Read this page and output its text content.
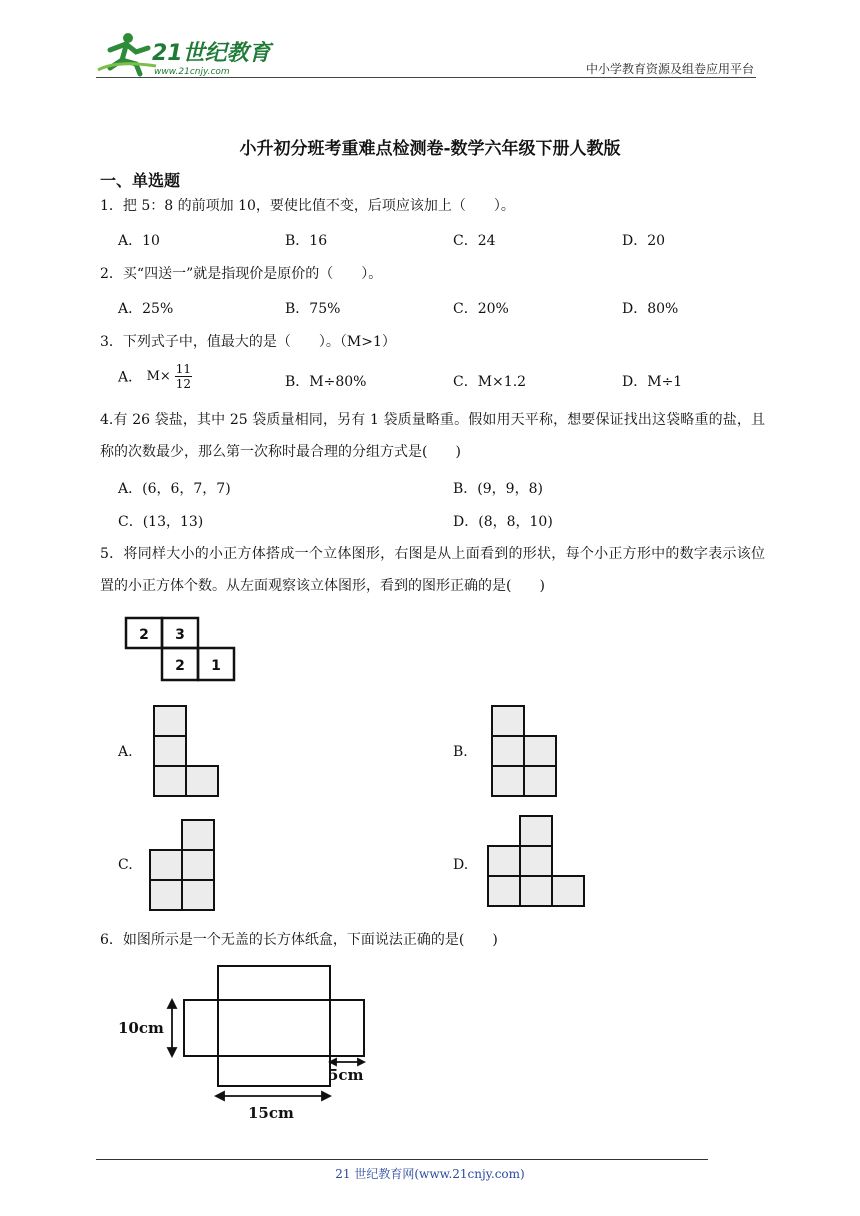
21世纪教育
www.21cnjy.com	中小学教育资源及组卷应用平台
小升初分班考重难点检测卷-数学六年级下册人教版
一、单选题
1．把 5：8 的前项加 10，要使比值不变，后项应该加上（　　）。
A．10	B．16	C．24	D．20
2．买“四送一”就是指现价是原价的（　　）。
A．25%	B．75%	C．20%	D．80%
3．下列式子中，值最大的是（　　）。（M>1）
A． $M\times \frac{11}{12}$	B．M÷80%	C．M×1.2	D．M÷1
4.有 26 袋盐，其中 25 袋质量相同，另有 1 袋质量略重。假如用天平称，想要保证找出这袋略重的盐，且称的次数最少，那么第一次称时最合理的分组方式是(　　)
A．(6，6，7，7)	B．(9，9，8)
C．(13，13)	D．(8，8，10)
5．将同样大小的小正方体搭成一个立体图形，右图是从上面看到的形状，每个小正方形中的数字表示该位置的小正方体个数。从左面观察该立体图形，看到的图形正确的是(　　)
2 3
2 1
A.	B.
C.	D.
6．如图所示是一个无盖的长方体纸盒，下面说法正确的是(　　)
10cm
5cm
15cm
21 世纪教育网(www.21cnjy.com)
